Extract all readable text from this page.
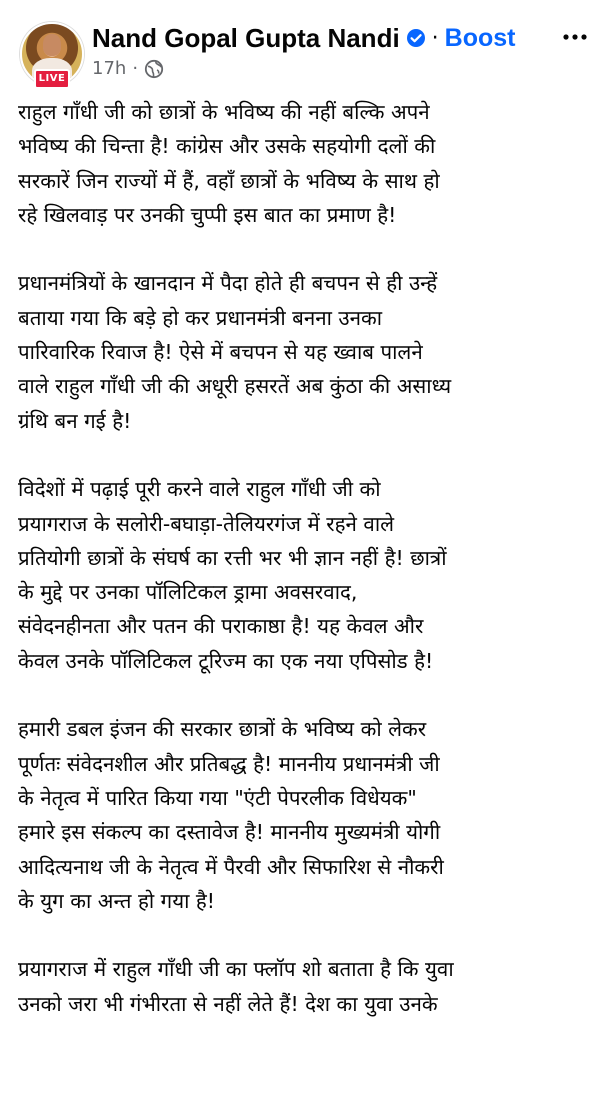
LIVE
Nand Gopal Gupta Nandi · Boost
17h ·
राहुल गाँधी जी को छात्रों के भविष्य की नहीं बल्कि अपने
भविष्य की चिन्ता है! कांग्रेस और उसके सहयोगी दलों की
सरकारें जिन राज्यों में हैं, वहाँ छात्रों के भविष्य के साथ हो
रहे खिलवाड़ पर उनकी चुप्पी इस बात का प्रमाण है!
प्रधानमंत्रियों के खानदान में पैदा होते ही बचपन से ही उन्हें
बताया गया कि बड़े हो कर प्रधानमंत्री बनना उनका
पारिवारिक रिवाज है! ऐसे में बचपन से यह ख्वाब पालने
वाले राहुल गाँधी जी की अधूरी हसरतें अब कुंठा की असाध्य
ग्रंथि बन गई है!
विदेशों में पढ़ाई पूरी करने वाले राहुल गाँधी जी को
प्रयागराज के सलोरी-बघाड़ा-तेलियरगंज में रहने वाले
प्रतियोगी छात्रों के संघर्ष का रत्ती भर भी ज्ञान नहीं है! छात्रों
के मुद्दे पर उनका पॉलिटिकल ड्रामा अवसरवाद,
संवेदनहीनता और पतन की पराकाष्ठा है! यह केवल और
केवल उनके पॉलिटिकल टूरिज्म का एक नया एपिसोड है!
हमारी डबल इंजन की सरकार छात्रों के भविष्य को लेकर
पूर्णतः संवेदनशील और प्रतिबद्ध है! माननीय प्रधानमंत्री जी
के नेतृत्व में पारित किया गया "एंटी पेपरलीक विधेयक"
हमारे इस संकल्प का दस्तावेज है! माननीय मुख्यमंत्री योगी
आदित्यनाथ जी के नेतृत्व में पैरवी और सिफारिश से नौकरी
के युग का अन्त हो गया है!
प्रयागराज में राहुल गाँधी जी का फ्लॉप शो बताता है कि युवा
उनको जरा भी गंभीरता से नहीं लेते हैं! देश का युवा उनके
